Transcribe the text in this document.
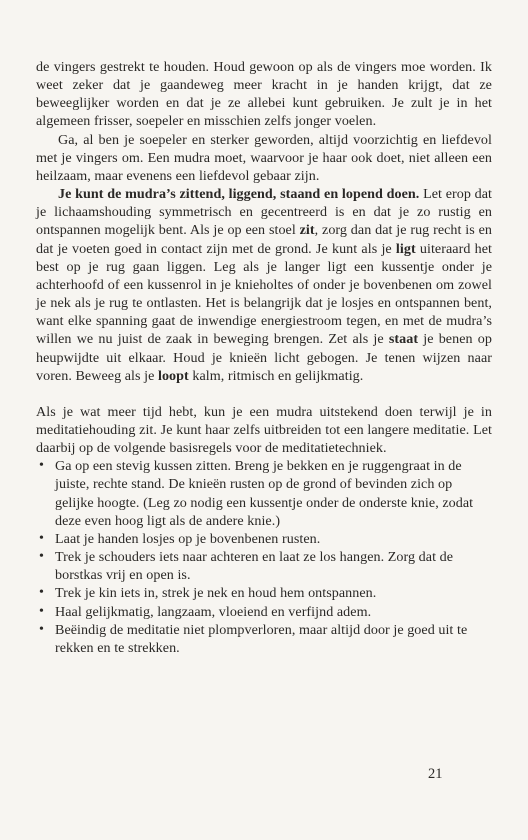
de vingers gestrekt te houden. Houd gewoon op als de vingers moe worden. Ik weet zeker dat je gaandeweg meer kracht in je handen krijgt, dat ze beweeglijker worden en dat je ze allebei kunt gebruiken. Je zult je in het algemeen frisser, soepeler en misschien zelfs jonger voelen.

Ga, al ben je soepeler en sterker geworden, altijd voorzichtig en liefdevol met je vingers om. Een mudra moet, waarvoor je haar ook doet, niet alleen een heilzaam, maar evenens een liefdevol gebaar zijn.

Je kunt de mudra’s zittend, liggend, staand en lopend doen. Let erop dat je lichaamshouding symmetrisch en gecentreerd is en dat je zo rustig en ontspannen mogelijk bent. Als je op een stoel zit, zorg dan dat je rug recht is en dat je voeten goed in contact zijn met de grond. Je kunt als je ligt uiteraard het best op je rug gaan liggen. Leg als je langer ligt een kussentje onder je achterhoofd of een kussenrol in je knieholtes of onder je bovenbenen om zowel je nek als je rug te ontlasten. Het is belangrijk dat je losjes en ontspannen bent, want elke spanning gaat de inwendige energiestroom tegen, en met de mudra’s willen we nu juist de zaak in beweging brengen. Zet als je staat je benen op heupwijdte uit elkaar. Houd je knieën licht gebogen. Je tenen wijzen naar voren. Beweeg als je loopt kalm, ritmisch en gelijkmatig.

Als je wat meer tijd hebt, kun je een mudra uitstekend doen terwijl je in meditatiehouding zit. Je kunt haar zelfs uitbreiden tot een langere meditatie. Let daarbij op de volgende basisregels voor de meditatietechniek.

• Ga op een stevig kussen zitten. Breng je bekken en je ruggengraat in de juiste, rechte stand. De knieën rusten op de grond of bevinden zich op gelijke hoogte. (Leg zo nodig een kussentje onder de onderste knie, zodat deze even hoog ligt als de andere knie.)
• Laat je handen losjes op je bovenbenen rusten.
• Trek je schouders iets naar achteren en laat ze los hangen. Zorg dat de borstkas vrij en open is.
• Trek je kin iets in, strek je nek en houd hem ontspannen.
• Haal gelijkmatig, langzaam, vloeiend en verfijnd adem.
• Beëindig de meditatie niet plompverloren, maar altijd door je goed uit te rekken en te strekken.
21
